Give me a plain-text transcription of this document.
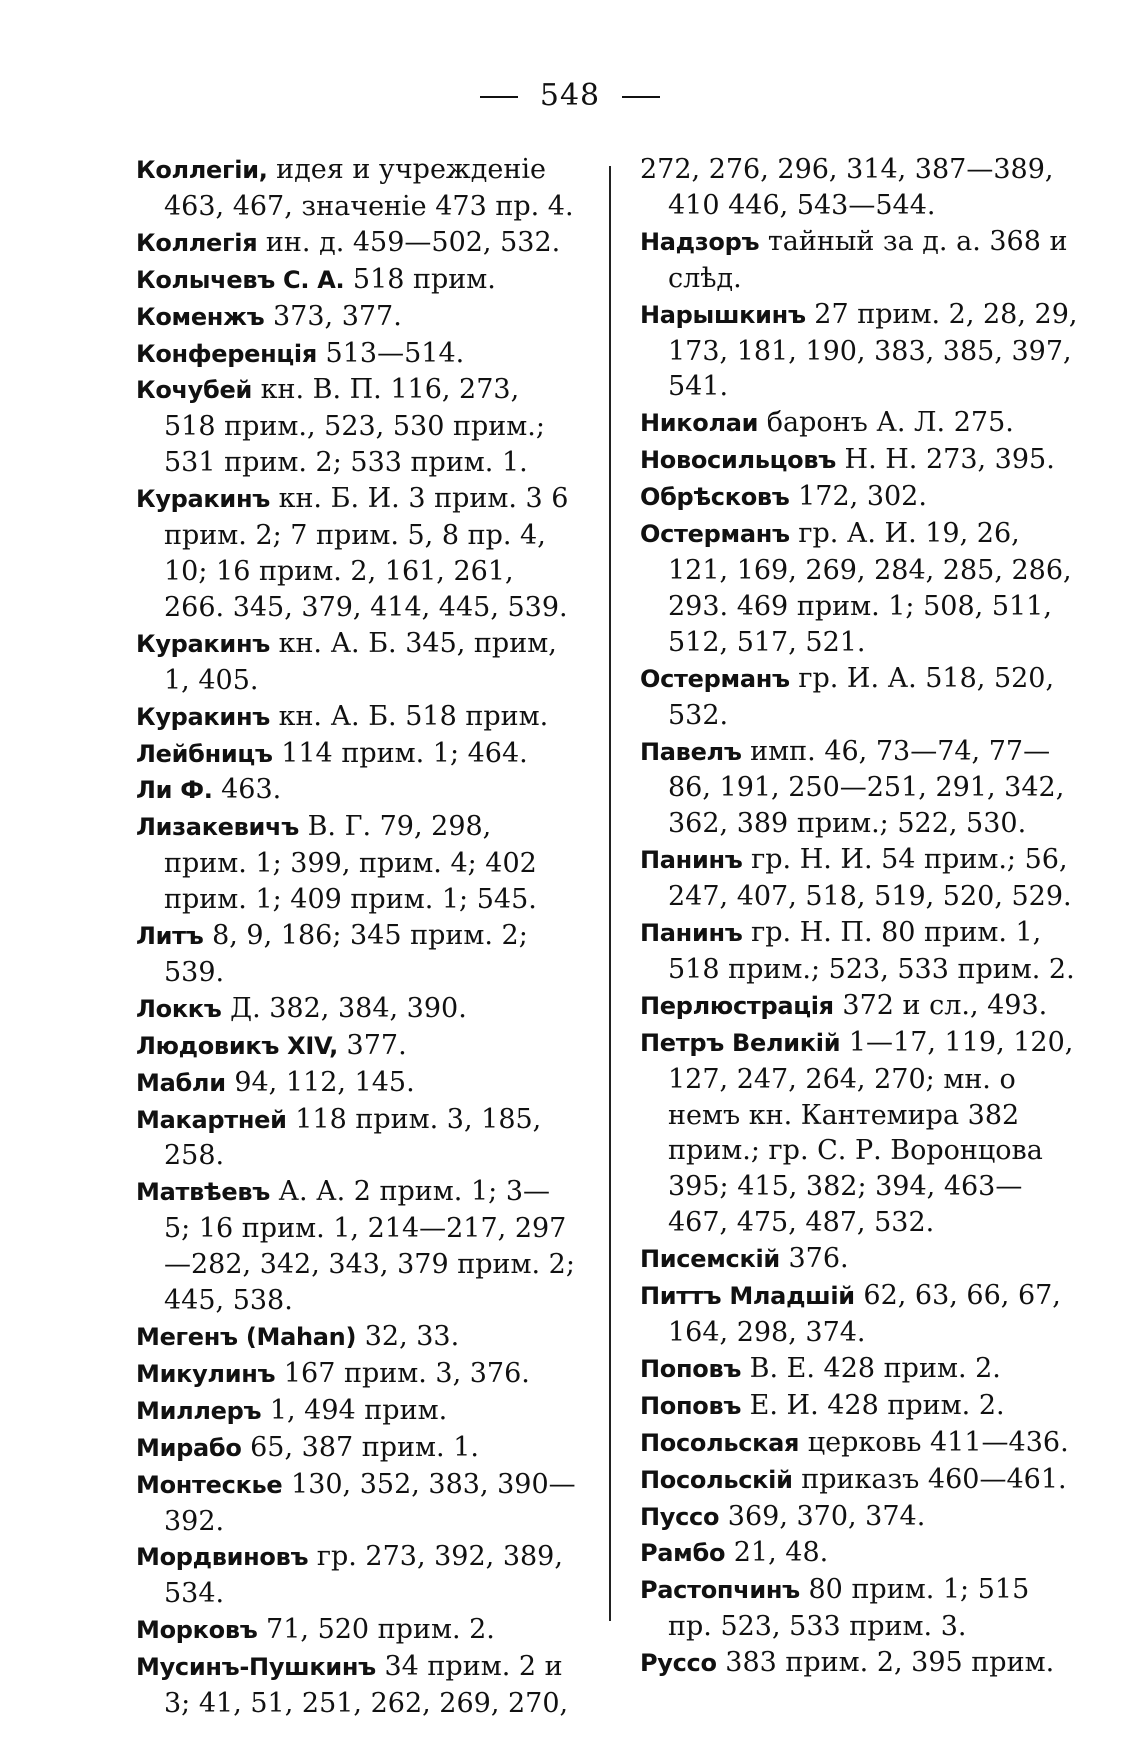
548

Коллегіи, идея и учрежденіе 463, 467, значеніе 473 пр. 4.

Коллегія ин. д. 459—502, 532.

Колычевъ С. А. 518 прим.

Коменжъ 373, 377.

Конференція 513—514.

Кочубей кн. В. П. 116, 273, 518 прим., 523, 530 прим.; 531 прим. 2; 533 прим. 1.

Куракинъ кн. Б. И. 3 прим. 3 6 прим. 2; 7 прим. 5, 8 пр. 4, 10; 16 прим. 2, 161, 261, 266. 345, 379, 414, 445, 539.

Куракинъ кн. А. Б. 345, прим, 1, 405.

Куракинъ кн. А. Б. 518 прим.

Лейбницъ 114 прим. 1; 464.

Ли Ф. 463.

Лизакевичъ В. Г. 79, 298, прим. 1; 399, прим. 4; 402 прим. 1; 409 прим. 1; 545.

Литъ 8, 9, 186; 345 прим. 2; 539.

Локкъ Д. 382, 384, 390.

Людовикъ XIV, 377.

Мабли 94, 112, 145.

Макартней 118 прим. 3, 185, 258.

Матвѣевъ А. А. 2 прим. 1; 3—5; 16 прим. 1, 214—217, 297 —282, 342, 343, 379 прим. 2; 445, 538.

Мегенъ (Mahan) 32, 33.

Микулинъ 167 прим. 3, 376.

Миллеръ 1, 494 прим.

Мирабо 65, 387 прим. 1.

Монтескье 130, 352, 383, 390—392.

Мордвиновъ гр. 273, 392, 389, 534.

Морковъ 71, 520 прим. 2.

Мусинъ-Пушкинъ 34 прим. 2 и 3; 41, 51, 251, 262, 269, 270,

272, 276, 296, 314, 387—389, 410 446, 543—544.

Надзоръ тайный за д. а. 368 и слѣд.

Нарышкинъ 27 прим. 2, 28, 29, 173, 181, 190, 383, 385, 397, 541.

Николаи баронъ А. Л. 275.

Новосильцовъ Н. Н. 273, 395.

Обрѣсковъ 172, 302.

Остерманъ гр. А. И. 19, 26, 121, 169, 269, 284, 285, 286, 293. 469 прим. 1; 508, 511, 512, 517, 521.

Остерманъ гр. И. А. 518, 520, 532.

Павелъ имп. 46, 73—74, 77—86, 191, 250—251, 291, 342, 362, 389 прим.; 522, 530.

Панинъ гр. Н. И. 54 прим.; 56, 247, 407, 518, 519, 520, 529.

Панинъ гр. Н. П. 80 прим. 1, 518 прим.; 523, 533 прим. 2.

Перлюстрація 372 и сл., 493.

Петръ Великій 1—17, 119, 120, 127, 247, 264, 270; мн. о немъ кн. Кантемира 382 прим.; гр. С. Р. Воронцова 395; 415, 382; 394, 463—467, 475, 487, 532.

Писемскій 376.

Питтъ Младшій 62, 63, 66, 67, 164, 298, 374.

Поповъ В. Е. 428 прим. 2.

Поповъ Е. И. 428 прим. 2.

Посольская церковь 411—436.

Посольскій приказъ 460—461.

Пуссо 369, 370, 374.

Рамбо 21, 48.

Растопчинъ 80 прим. 1; 515 пр. 523, 533 прим. 3.

Руссо 383 прим. 2, 395 прим.
